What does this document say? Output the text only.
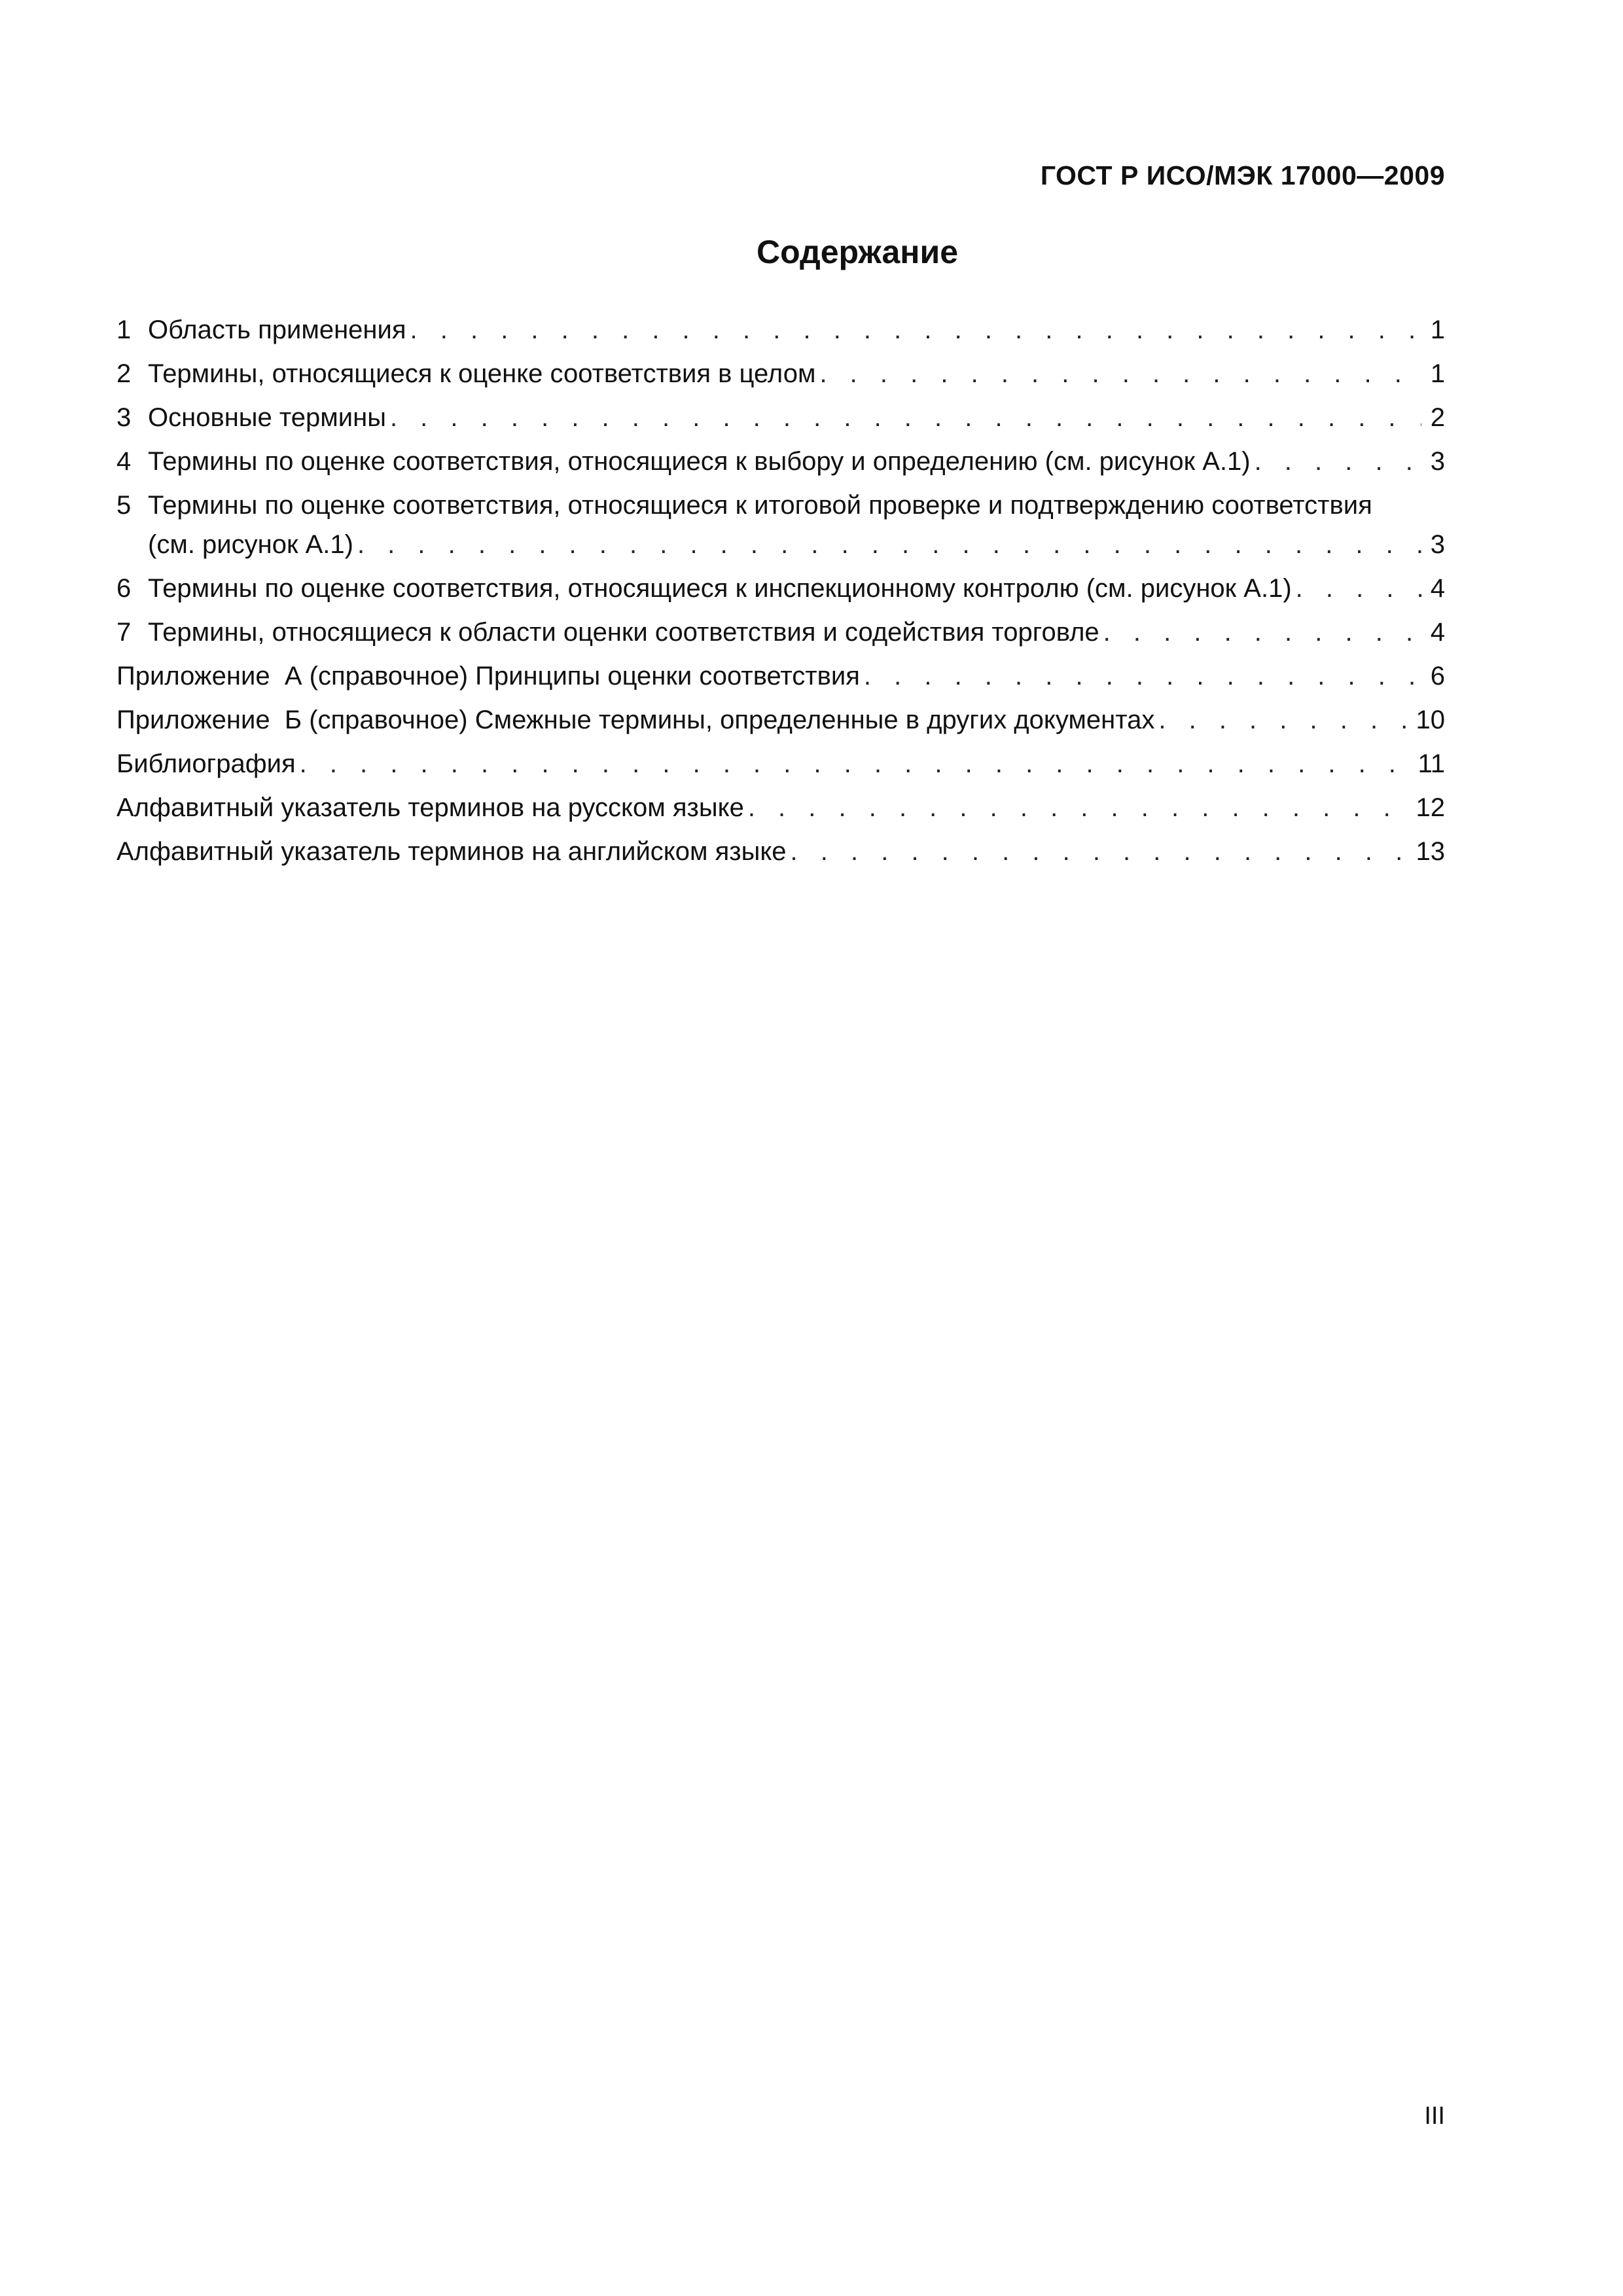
ГОСТ Р ИСО/МЭК 17000—2009
Содержание
1 Область применения . . .	1
2 Термины, относящиеся к оценке соответствия в целом . . .	1
3 Основные термины . . .	2
4 Термины по оценке соответствия, относящиеся к выбору и определению (см. рисунок А.1) . . .	3
5 Термины по оценке соответствия, относящиеся к итоговой проверке и подтверждению соответствия
(см. рисунок А.1) . . .	3
6 Термины по оценке соответствия, относящиеся к инспекционному контролю (см. рисунок А.1) . . .	4
7 Термины, относящиеся к области оценки соответствия и содействия торговле . . .	4
Приложение  А (справочное) Принципы оценки соответствия . . .	6
Приложение  Б (справочное) Смежные термины, определенные в других документах . . .	10
Библиография . . .	11
Алфавитный указатель терминов на русском языке . . .	12
Алфавитный указатель терминов на английском языке . . .	13
III
